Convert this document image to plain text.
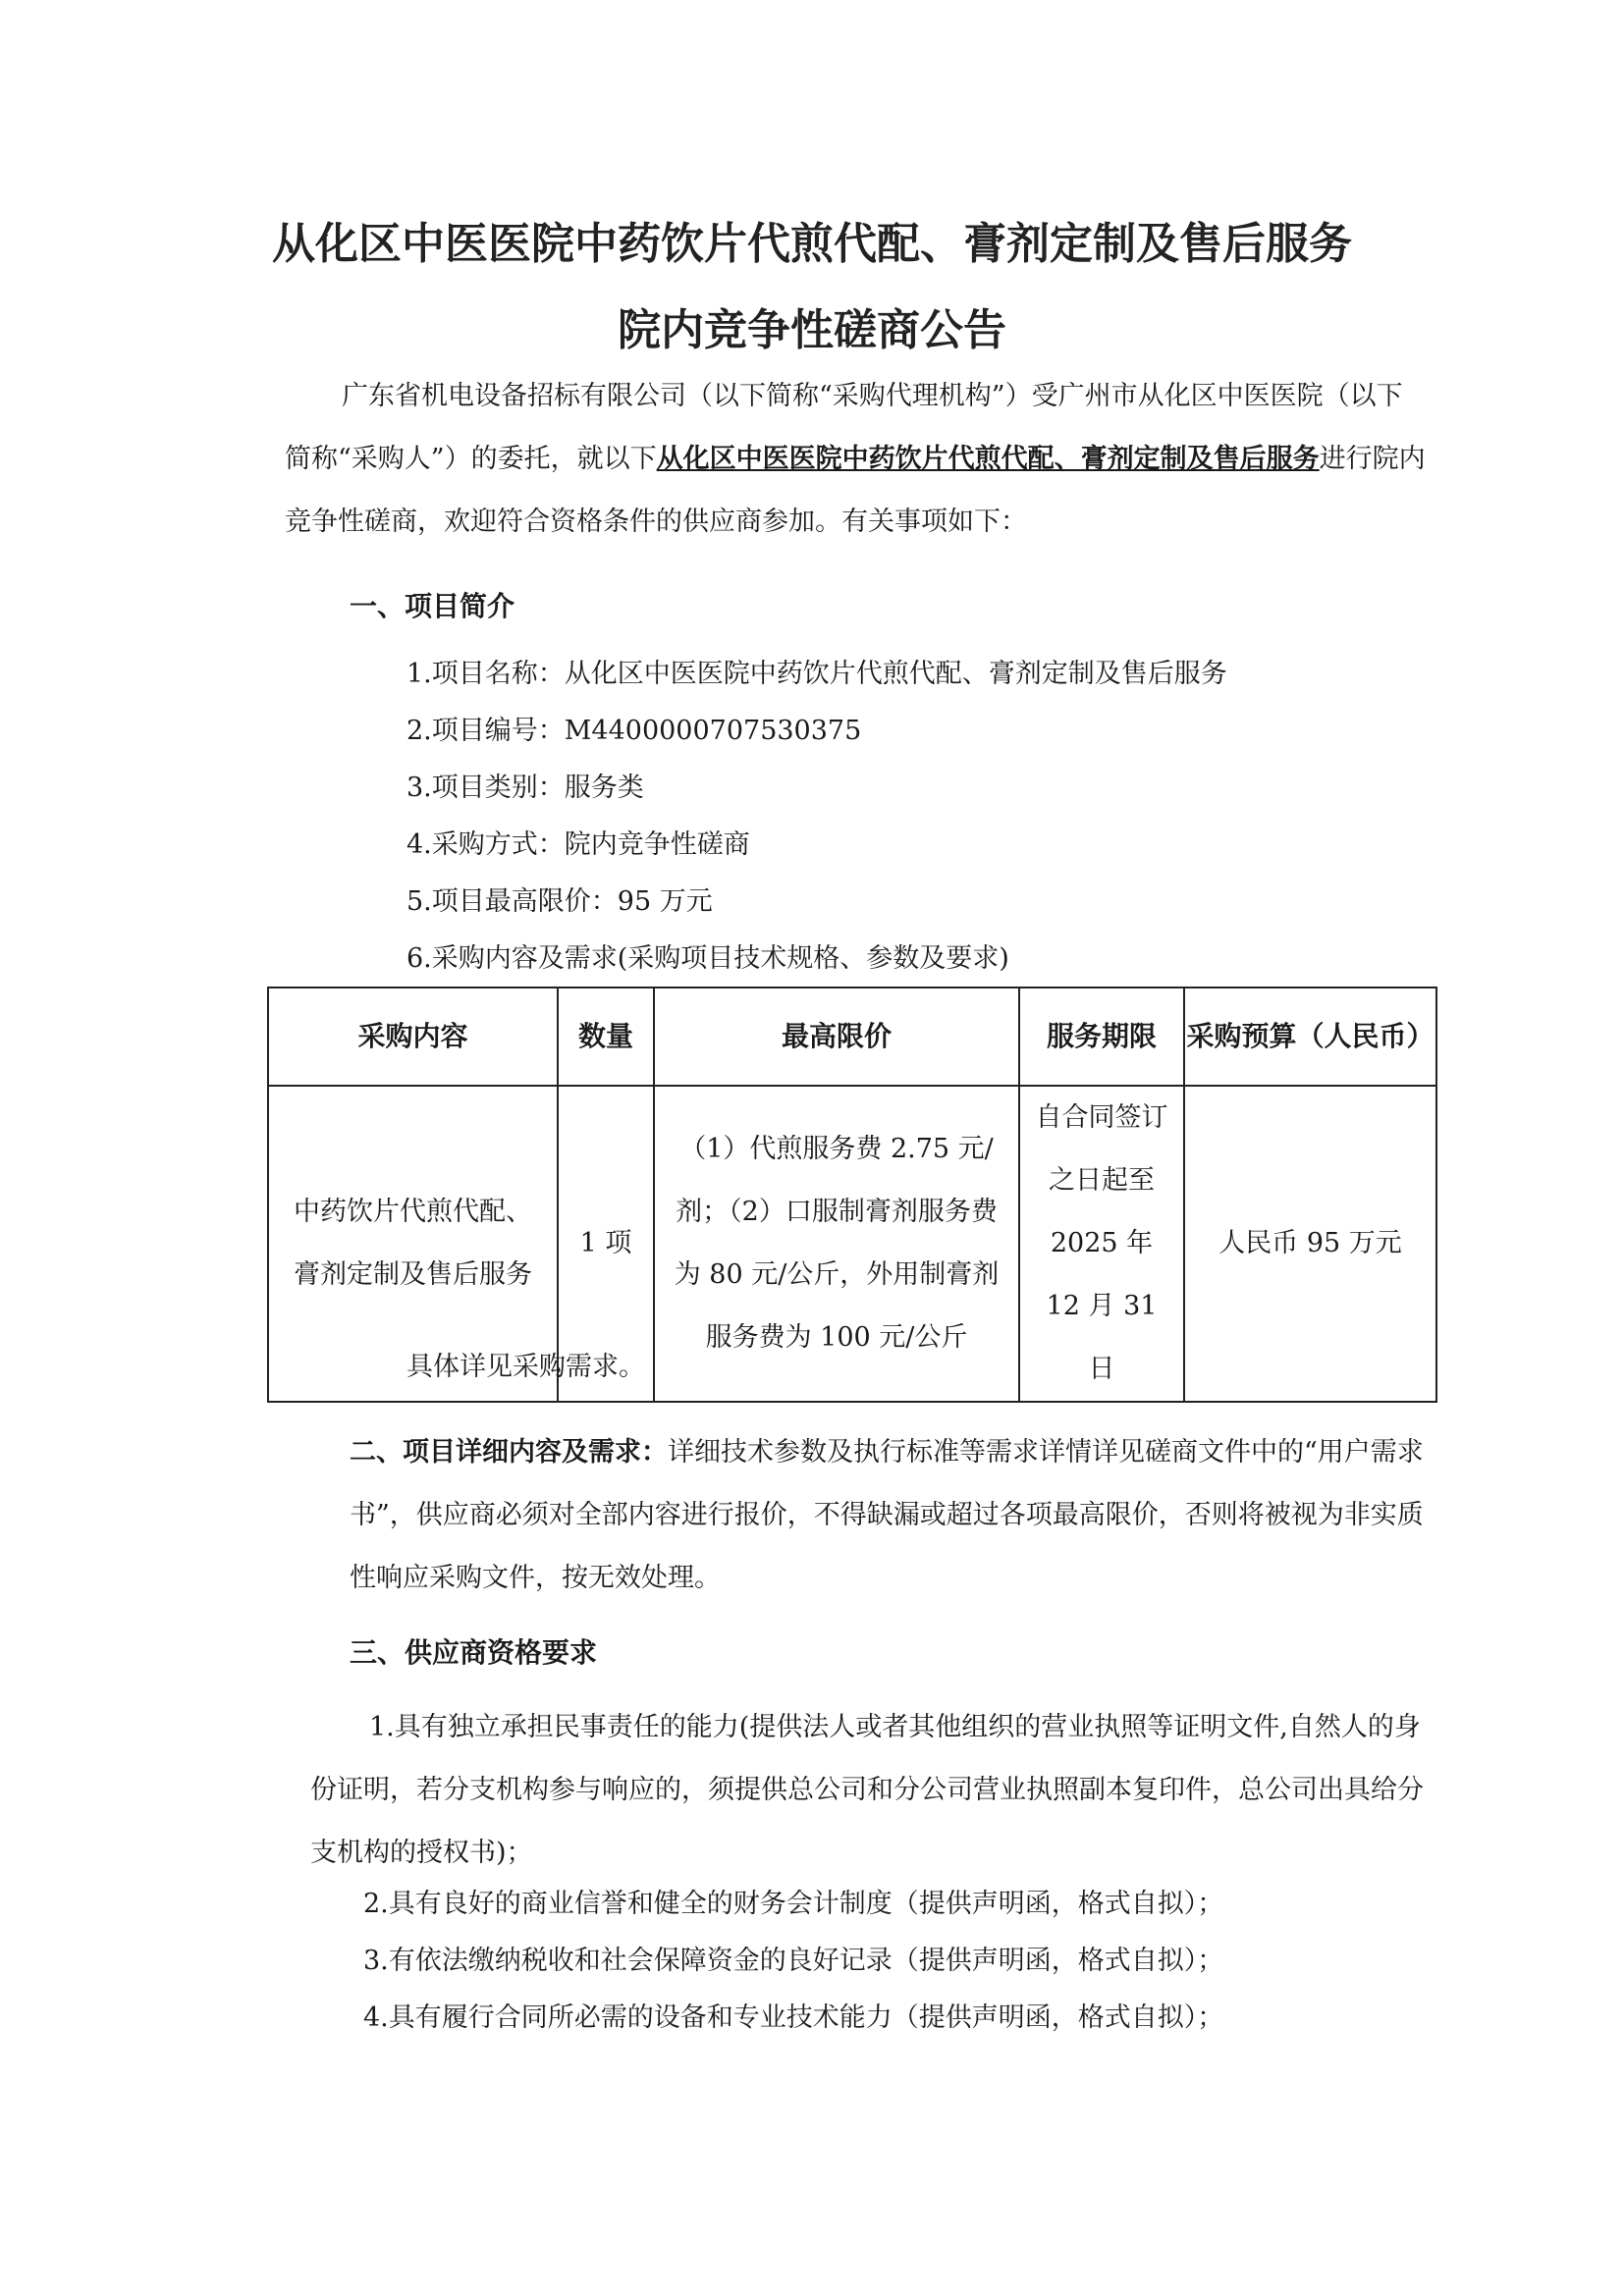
从化区中医医院中药饮片代煎代配、膏剂定制及售后服务
院内竞争性磋商公告
广东省机电设备招标有限公司（以下简称“采购代理机构”）受广州市从化区中医医院（以下简称“采购人”）的委托，就以下从化区中医医院中药饮片代煎代配、膏剂定制及售后服务进行院内竞争性磋商，欢迎符合资格条件的供应商参加。有关事项如下：
一、项目简介
1.项目名称：从化区中医医院中药饮片代煎代配、膏剂定制及售后服务
2.项目编号：M4400000707530375
3.项目类别：服务类
4.采购方式：院内竞争性磋商
5.项目最高限价：95 万元
6.采购内容及需求(采购项目技术规格、参数及要求)
采购内容	数量	最高限价	服务期限	采购预算（人民币）
中药饮片代煎代配、膏剂定制及售后服务	1 项	（1）代煎服务费 2.75 元/剂；（2）口服制膏剂服务费为 80 元/公斤，外用制膏剂服务费为 100 元/公斤	自合同签订之日起至 2025 年 12 月 31 日	人民币 95 万元
具体详见采购需求。
二、项目详细内容及需求：详细技术参数及执行标准等需求详情详见磋商文件中的“用户需求书”，供应商必须对全部内容进行报价，不得缺漏或超过各项最高限价，否则将被视为非实质性响应采购文件，按无效处理。
三、供应商资格要求
1.具有独立承担民事责任的能力(提供法人或者其他组织的营业执照等证明文件,自然人的身份证明，若分支机构参与响应的，须提供总公司和分公司营业执照副本复印件，总公司出具给分支机构的授权书)；
2.具有良好的商业信誉和健全的财务会计制度（提供声明函，格式自拟）；
3.有依法缴纳税收和社会保障资金的良好记录（提供声明函，格式自拟）；
4.具有履行合同所必需的设备和专业技术能力（提供声明函，格式自拟）；
